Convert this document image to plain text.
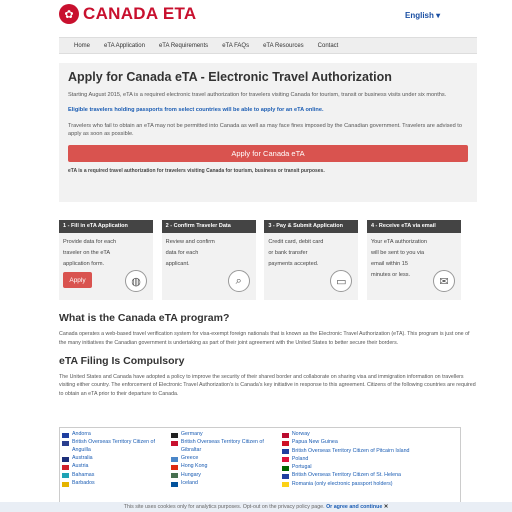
✿ CANADA ETA	English ▾
Home	eTA Application	eTA Requirements	eTA FAQs	eTA Resources	Contact
Apply for Canada eTA - Electronic Travel Authorization

Starting August 2015, eTA is a required electronic travel authorization for travelers visiting Canada for tourism, transit or business visits under six months.

Eligible travelers holding passports from select countries will be able to apply for an eTA online.

Travelers who fail to obtain an eTA may not be permitted into Canada as well as may face fines imposed by the Canadian government. Travelers are advised to apply as soon as possible.

Apply for Canada eTA
eTA is a required travel authorization for travelers visiting Canada for tourism, business or transit purposes.
1 - Fill in eTA Application
Provide data for each traveler on the eTA application form.
Apply	◍
2 - Confirm Traveler Data
Review and confirm data for each applicant.
⌕
3 - Pay & Submit Application
Credit card, debit card or bank transfer payments accepted.
▭
4 - Receive eTA via email
Your eTA authorization will be sent to you via email within 15 minutes or less.
✉
What is the Canada eTA program?

Canada operates a web-based travel verification system for visa-exempt foreign nationals that is known as the Electronic Travel Authorization (eTA). This program is just one of the many initiatives the Canadian government is undertaking as part of their joint agreement with the United States to better secure their borders.

eTA Filing Is Compulsory

The United States and Canada have adopted a policy to improve the security of their shared border and collaborate on sharing visa and immigration information on travellers visiting either country. The enforcement of Electronic Travel Authorization's is Canada's key initiative in response to this agreement. Citizens of the following countries are required to obtain an eTA prior to their departure to Canada.

Andorra
British Overseas Territory Citizen of Anguilla
Australia
Austria
Bahamas
Barbados
Germany
British Overseas Territory Citizen of Gibraltar
Greece
Hong Kong
Hungary
Iceland
Norway
Papua New Guinea
British Overseas Territory Citizen of Pitcairn Island
Poland
Portugal
British Overseas Territory Citizen of St. Helena
Romania (only electronic passport holders)
This site uses cookies only for analytics purposes. Opt-out on the privacy policy page. Or agree and continue ✕
